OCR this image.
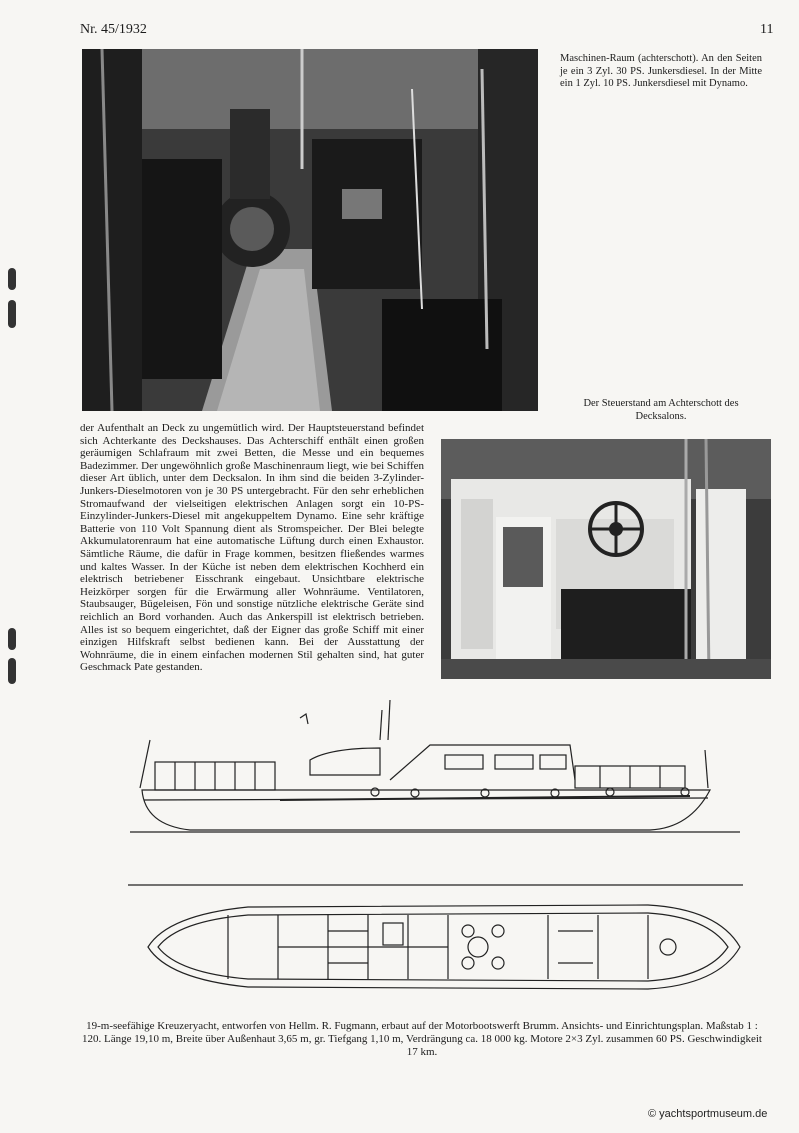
Nr. 45/1932	11
Maschinen-Raum (achterschott). An den Seiten je ein 3 Zyl. 30 PS. Junkersdiesel. In der Mitte ein 1 Zyl. 10 PS. Junkersdiesel mit Dynamo.
Der Steuerstand am Achterschott des Decksalons.
der Aufenthalt an Deck zu ungemütlich wird. Der Hauptsteuerstand befindet sich Achterkante des Deckshauses. Das Achterschiff enthält einen großen geräumigen Schlafraum mit zwei Betten, die Messe und ein bequemes Badezimmer. Der ungewöhnlich große Maschinenraum liegt, wie bei Schiffen dieser Art üblich, unter dem Decksalon. In ihm sind die beiden 3-Zylinder-Junkers-Dieselmotoren von je 30 PS untergebracht. Für den sehr erheblichen Stromaufwand der vielseitigen elektrischen Anlagen sorgt ein 10-PS-Einzylinder-Junkers-Diesel mit angekuppeltem Dynamo. Eine sehr kräftige Batterie von 110 Volt Spannung dient als Stromspeicher. Der Blei belegte Akkumulatorenraum hat eine automatische Lüftung durch einen Exhaustor. Sämtliche Räume, die dafür in Frage kommen, besitzen fließendes warmes und kaltes Wasser. In der Küche ist neben dem elektrischen Kochherd ein elektrisch betriebener Eisschrank eingebaut. Unsichtbare elektrische Heizkörper sorgen für die Erwärmung aller Wohnräume. Ventilatoren, Staubsauger, Bügeleisen, Fön und sonstige nützliche elektrische Geräte sind reichlich an Bord vorhanden. Auch das Ankerspill ist elektrisch betrieben. Alles ist so bequem eingerichtet, daß der Eigner das große Schiff mit einer einzigen Hilfskraft selbst bedienen kann. Bei der Ausstattung der Wohnräume, die in einem einfachen modernen Stil gehalten sind, hat guter Geschmack Pate gestanden.
19-m-seefähige Kreuzeryacht, entworfen von Hellm. R. Fugmann, erbaut auf der Motorbootswerft Brumm. Ansichts- und Einrichtungsplan. Maßstab 1 : 120. Länge 19,10 m, Breite über Außenhaut 3,65 m, gr. Tiefgang 1,10 m, Verdrängung ca. 18 000 kg. Motore 2×3 Zyl. zusammen 60 PS. Geschwindigkeit 17 km.
© yachtsportmuseum.de
